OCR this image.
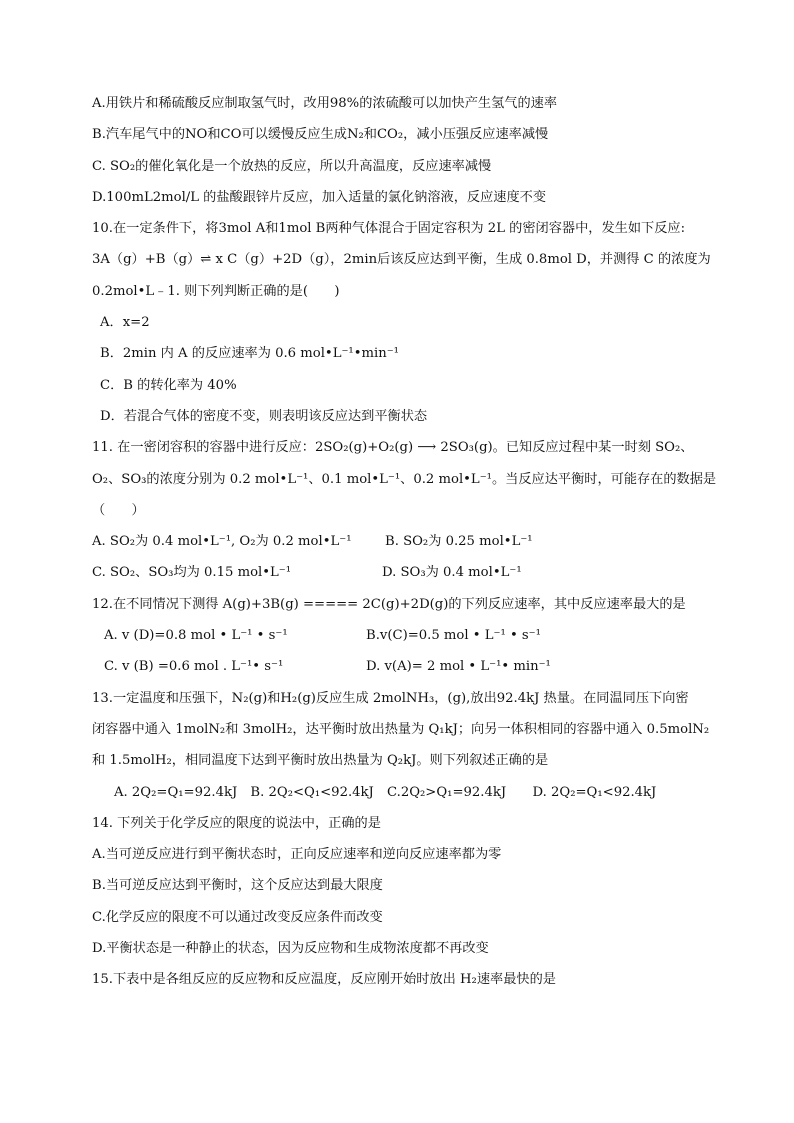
A.用铁片和稀硫酸反应制取氢气时，改用98%的浓硫酸可以加快产生氢气的速率
B.汽车尾气中的NO和CO可以缓慢反应生成N₂和CO₂，减小压强反应速率减慢
C. SO₂的催化氧化是一个放热的反应，所以升高温度，反应速率减慢
D.100mL2mol/L 的盐酸跟锌片反应，加入适量的氯化钠溶液，反应速度不变
10.在一定条件下，将3mol A和1mol B两种气体混合于固定容积为 2L 的密闭容器中，发生如下反应:
3A（g）+B（g）⇌ x C（g）+2D（g），2min后该反应达到平衡，生成 0.8mol D，并测得 C 的浓度为
0.2mol•L﹣1. 则下列判断正确的是(　　)
A．x=2
B．2min 内 A 的反应速率为 0.6 mol•L⁻¹•min⁻¹
C．B 的转化率为 40%
D．若混合气体的密度不变，则表明该反应达到平衡状态
11. 在一密闭容积的容器中进行反应：2SO₂(g)+O₂(g) ⟶ 2SO₃(g)。已知反应过程中某一时刻 SO₂、
O₂、SO₃的浓度分别为 0.2 mol•L⁻¹、0.1 mol•L⁻¹、0.2 mol•L⁻¹。当反应达平衡时，可能存在的数据是
（　　）
A. SO₂为 0.4 mol•L⁻¹, O₂为 0.2 mol•L⁻¹	B. SO₂为 0.25 mol•L⁻¹
C. SO₂、SO₃均为 0.15 mol•L⁻¹	D. SO₃为 0.4 mol•L⁻¹
12.在不同情况下测得 A(g)+3B(g) ===== 2C(g)+2D(g)的下列反应速率，其中反应速率最大的是
A. v (D)=0.8 mol • L⁻¹ • s⁻¹	B.v(C)=0.5 mol • L⁻¹ • s⁻¹
C. v (B) =0.6 mol . L⁻¹• s⁻¹	D. v(A)= 2 mol • L⁻¹• min⁻¹
13.一定温度和压强下，N₂(g)和H₂(g)反应生成 2molNH₃，(g),放出92.4kJ 热量。在同温同压下向密
闭容器中通入 1molN₂和 3molH₂，达平衡时放出热量为 Q₁kJ；向另一体积相同的容器中通入 0.5molN₂
和 1.5molH₂，相同温度下达到平衡时放出热量为 Q₂kJ。则下列叙述正确的是
A. 2Q₂=Q₁=92.4kJ　B. 2Q₂<Q₁<92.4kJ　C.2Q₂>Q₁=92.4kJ　　D. 2Q₂=Q₁<92.4kJ
14. 下列关于化学反应的限度的说法中，正确的是
A.当可逆反应进行到平衡状态时，正向反应速率和逆向反应速率都为零
B.当可逆反应达到平衡时，这个反应达到最大限度
C.化学反应的限度不可以通过改变反应条件而改变
D.平衡状态是一种静止的状态，因为反应物和生成物浓度都不再改变
15.下表中是各组反应的反应物和反应温度，反应刚开始时放出 H₂速率最快的是
